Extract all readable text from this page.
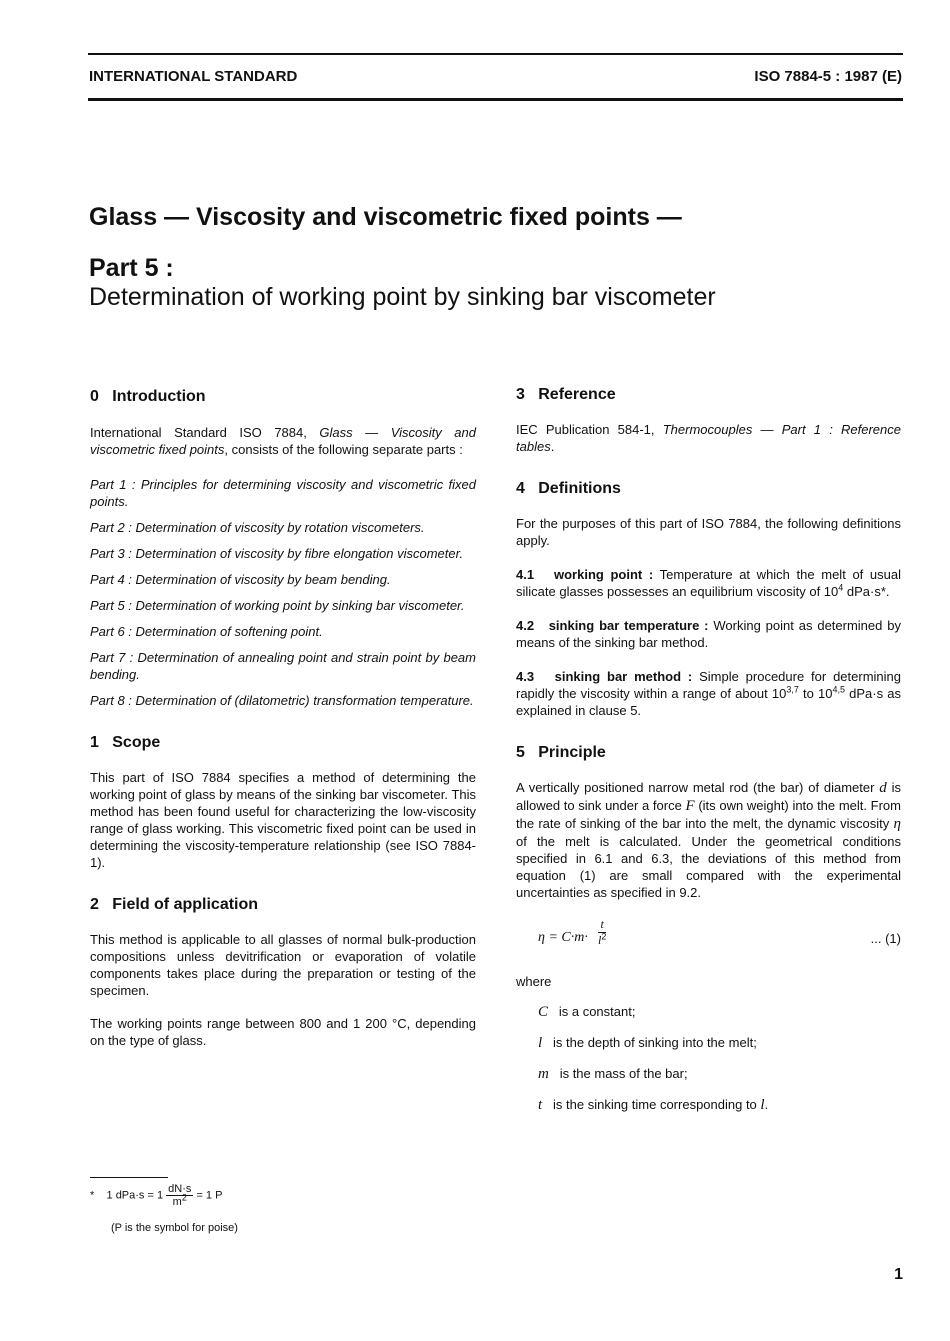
INTERNATIONAL STANDARD	ISO 7884-5 : 1987 (E)
Glass — Viscosity and viscometric fixed points —
Part 5 :
Determination of working point by sinking bar viscometer
0 Introduction
International Standard ISO 7884, Glass — Viscosity and viscometric fixed points, consists of the following separate parts :
Part 1 : Principles for determining viscosity and viscometric fixed points.
Part 2 : Determination of viscosity by rotation viscometers.
Part 3 : Determination of viscosity by fibre elongation viscometer.
Part 4 : Determination of viscosity by beam bending.
Part 5 : Determination of working point by sinking bar viscometer.
Part 6 : Determination of softening point.
Part 7 : Determination of annealing point and strain point by beam bending.
Part 8 : Determination of (dilatometric) transformation temperature.
1 Scope
This part of ISO 7884 specifies a method of determining the working point of glass by means of the sinking bar viscometer. This method has been found useful for characterizing the low-viscosity range of glass working. This viscometric fixed point can be used in determining the viscosity-temperature relationship (see ISO 7884-1).
2 Field of application
This method is applicable to all glasses of normal bulk-production compositions unless devitrification or evaporation of volatile components takes place during the preparation or testing of the specimen.
The working points range between 800 and 1 200 °C, depending on the type of glass.
* 1 $dPa\cdot s = 1 \frac{dN\cdot s}{m^2} = 1$ P
(P is the symbol for poise)
3 Reference
IEC Publication 584-1, Thermocouples — Part 1 : Reference tables.
4 Definitions
For the purposes of this part of ISO 7884, the following definitions apply.
4.1 working point : Temperature at which the melt of usual silicate glasses possesses an equilibrium viscosity of $10^4$ dPa·s*.
4.2 sinking bar temperature : Working point as determined by means of the sinking bar method.
4.3 sinking bar method : Simple procedure for determining rapidly the viscosity within a range of about 10$^{3,7}$ to 10$^{4,5}$ dPa·s as explained in clause 5.
5 Principle
A vertically positioned narrow metal rod (the bar) of diameter d is allowed to sink under a force F (its own weight) into the melt. From the rate of sinking of the bar into the melt, the dynamic viscosity η of the melt is calculated. Under the geometrical conditions specified in 6.1 and 6.3, the deviations of this method from equation (1) are small compared with the experimental uncertainties as specified in 9.2.
$\eta = C\cdot m\cdot \frac{t}{l^2}$	... (1)
where
C is a constant;
l is the depth of sinking into the melt;
m is the mass of the bar;
t is the sinking time corresponding to l.
1
